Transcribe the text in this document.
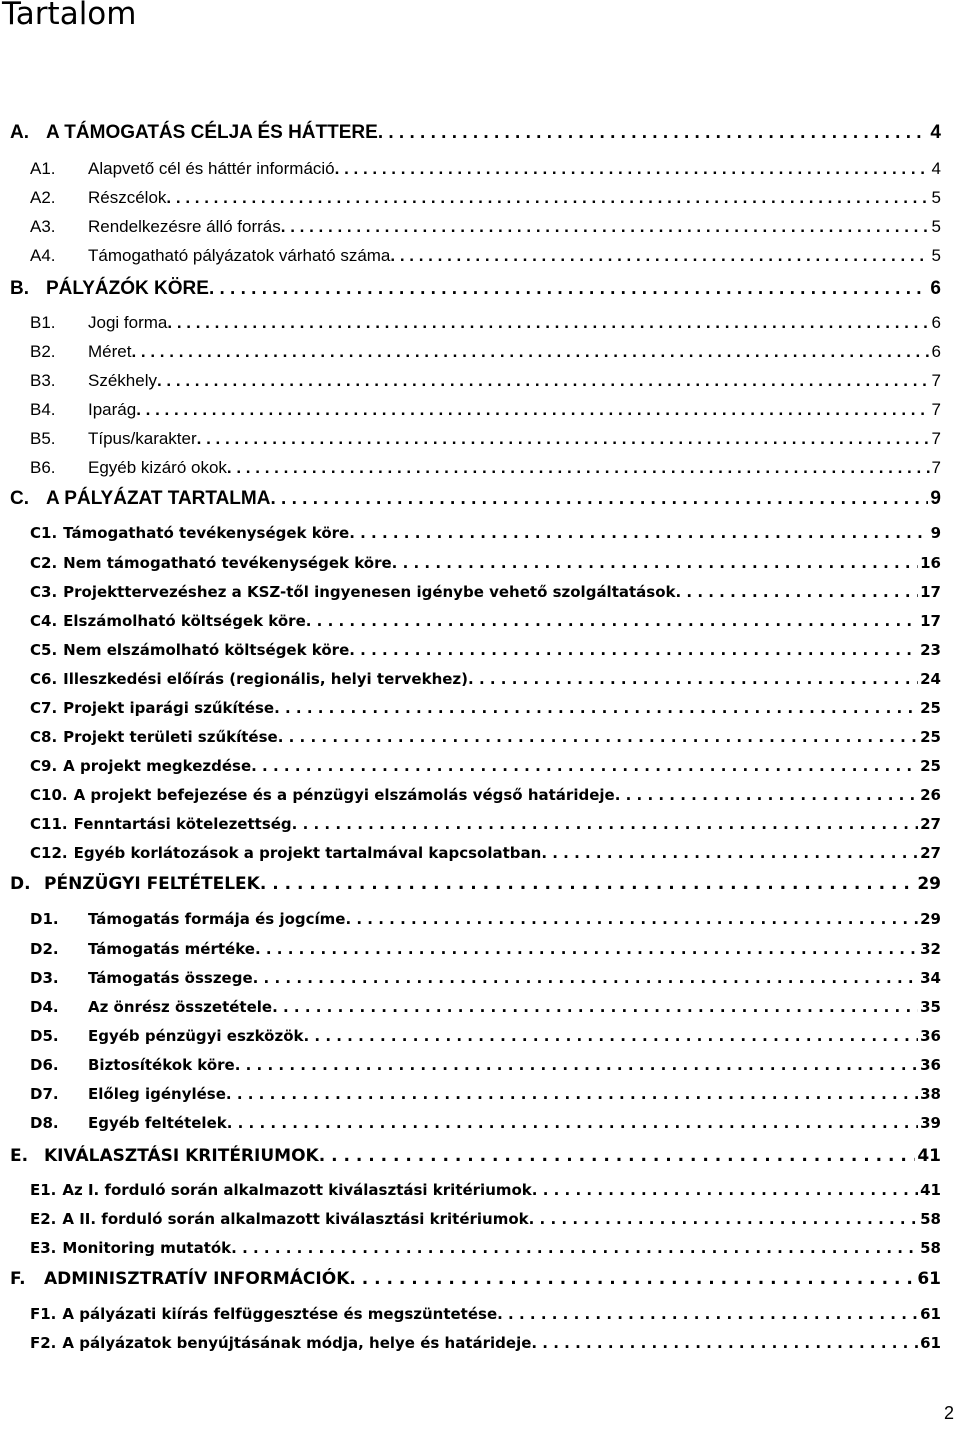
Tartalom
A. A TÁMOGATÁS CÉLJA ÉS HÁTTERE . . .	4
A1.	Alapvető cél és háttér információ . . .	4
A2.	Részcélok . . .	5
A3.	Rendelkezésre álló forrás . . .	5
A4.	Támogatható pályázatok várható száma . . .	5
B. PÁLYÁZÓK KÖRE . . .	6
B1.	Jogi forma . . .	6
B2.	Méret . . .	6
B3.	Székhely . . .	7
B4.	Iparág . . .	7
B5.	Típus/karakter . . .	7
B6.	Egyéb kizáró okok . . .	7
C. A PÁLYÁZAT TARTALMA . . .	9
C1. Támogatható tevékenységek köre . . .	9
C2. Nem támogatható tevékenységek köre . . .	16
C3. Projekttervezéshez a KSZ-től ingyenesen igénybe vehető szolgáltatások . . .	17
C4. Elszámolható költségek köre . . .	17
C5. Nem elszámolható költségek köre . . .	23
C6. Illeszkedési előírás (regionális, helyi tervekhez) . . .	24
C7. Projekt iparági szűkítése . . .	25
C8. Projekt területi szűkítése . . .	25
C9. A projekt megkezdése . . .	25
C10. A projekt befejezése és a pénzügyi elszámolás végső határideje . . .	26
C11. Fenntartási kötelezettség . . .	27
C12. Egyéb korlátozások a projekt tartalmával kapcsolatban . . .	27
D. PÉNZÜGYI FELTÉTELEK . . .	29
D1.	Támogatás formája és jogcíme . . .	29
D2.	Támogatás mértéke . . .	32
D3.	Támogatás összege . . .	34
D4.	Az önrész összetétele . . .	35
D5.	Egyéb pénzügyi eszközök . . .	36
D6.	Biztosítékok köre . . .	36
D7.	Előleg igénylése . . .	38
D8.	Egyéb feltételek . . .	39
E. KIVÁLASZTÁSI KRITÉRIUMOK . . .	41
E1. Az I. forduló során alkalmazott kiválasztási kritériumok . . .	41
E2. A II. forduló során alkalmazott kiválasztási kritériumok . . .	58
E3. Monitoring mutatók . . .	58
F.	ADMINISZTRATÍV INFORMÁCIÓK . . .	61
F1. A pályázati kiírás felfüggesztése és megszüntetése . . .	61
F2. A pályázatok benyújtásának módja, helye és határideje . . .	61
2
